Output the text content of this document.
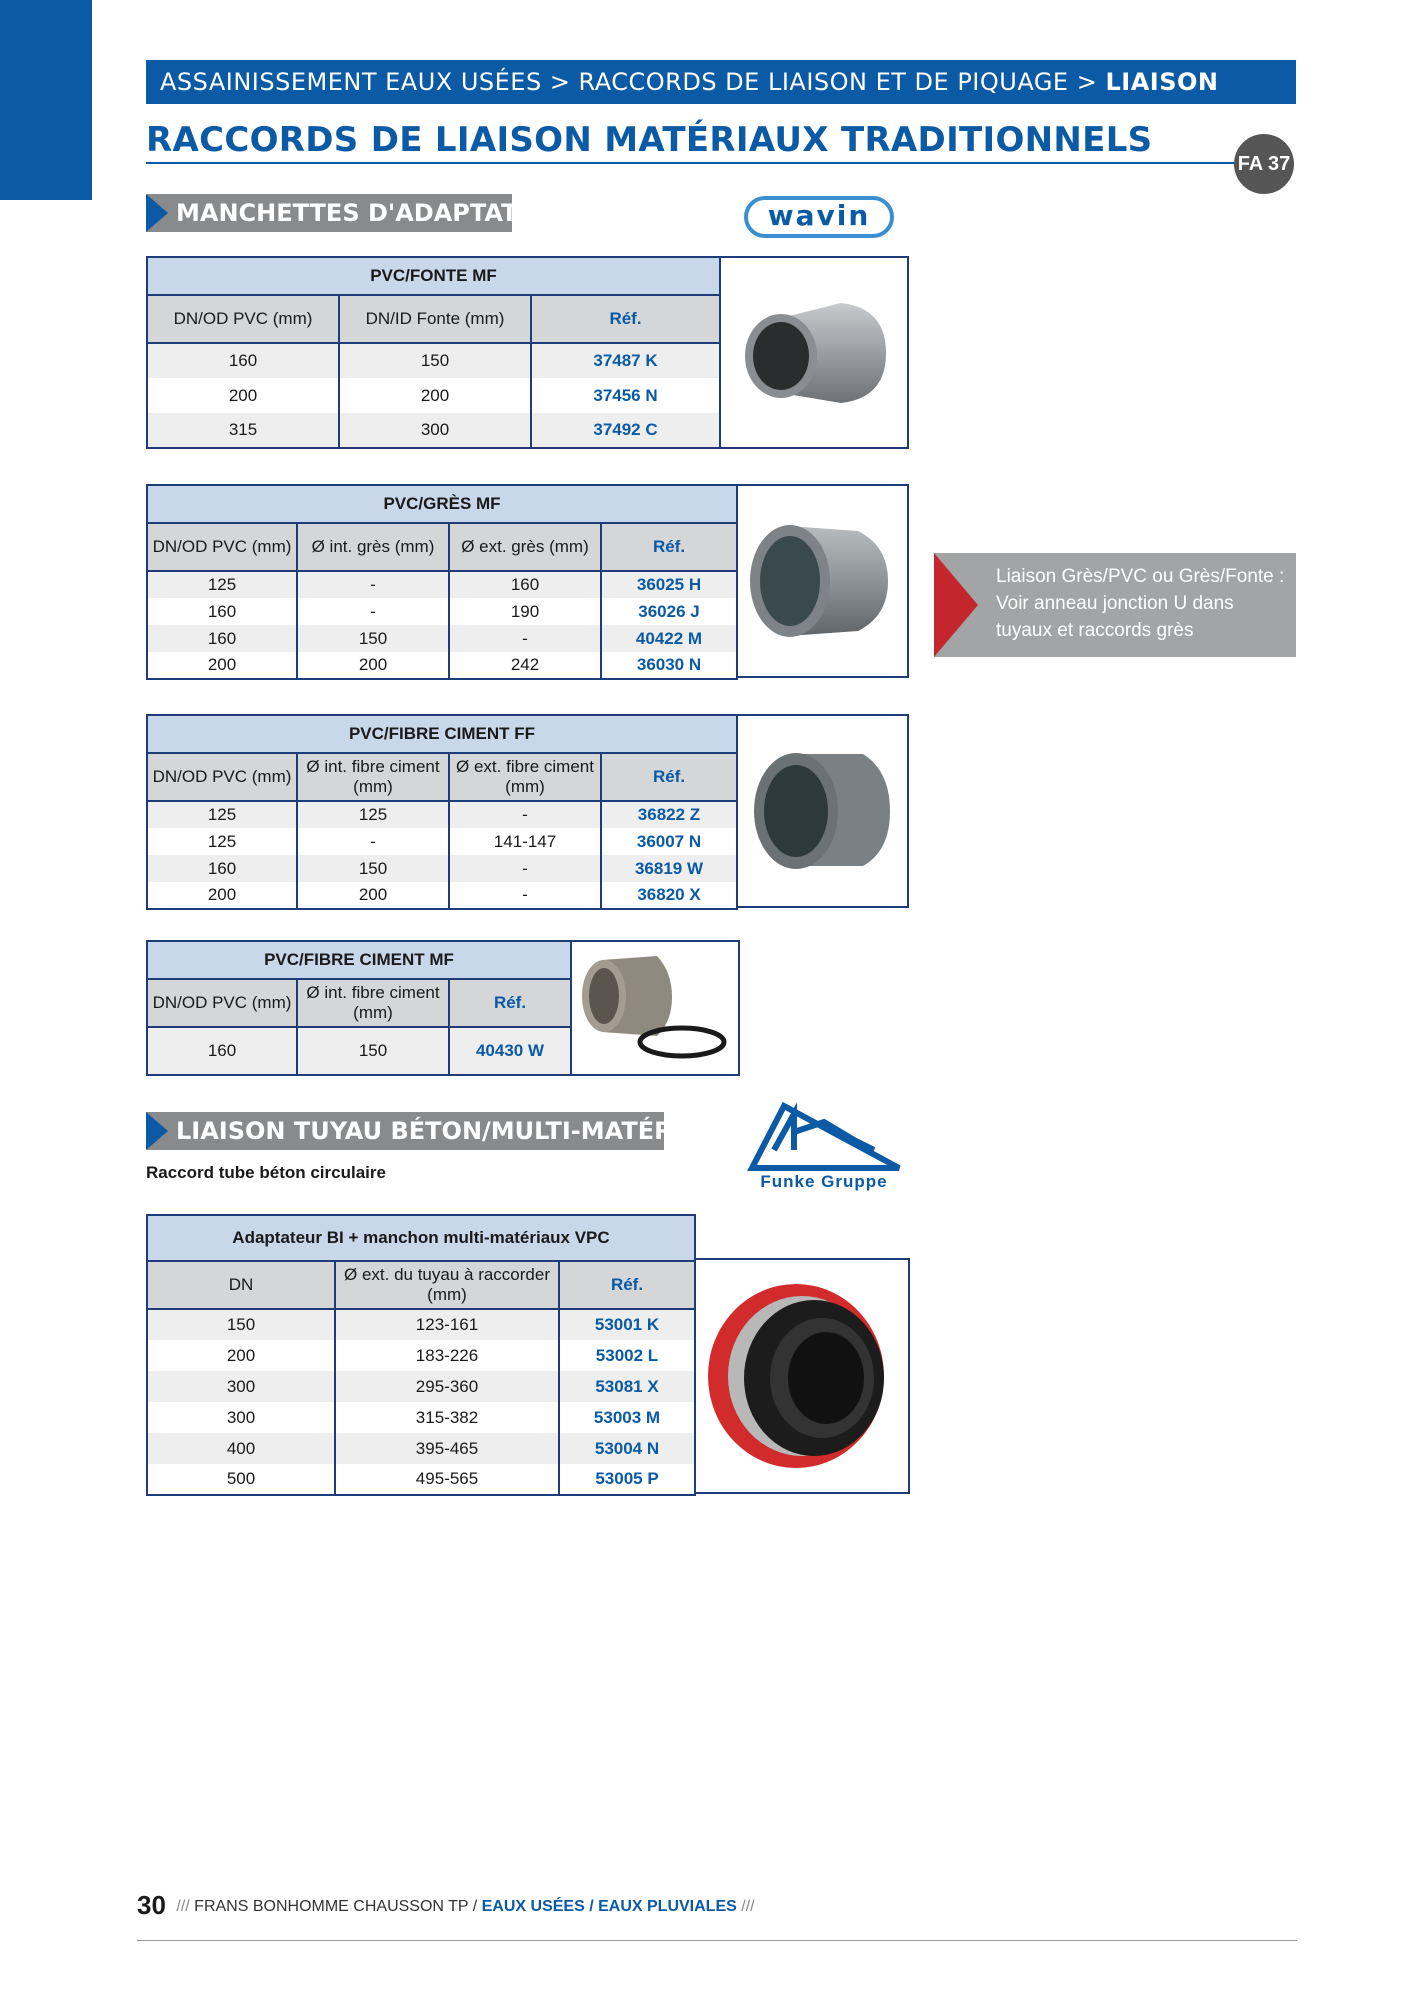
ASSAINISSEMENT EAUX USÉES > RACCORDS DE LIAISON ET DE PIQUAGE > LIAISON
RACCORDS DE LIAISON MATÉRIAUX TRADITIONNELS
FA 37
MANCHETTES D'ADAPTATION	wavin
PVC/FONTE MF		
DN/OD PVC (mm)	DN/ID Fonte (mm)	Réf.
160	150	37487 K
200	200	37456 N
315	300	37492 C
PVC/GRÈS MF			
DN/OD PVC (mm)	Ø int. grès (mm)	Ø ext. grès (mm)	Réf.
125	-	160	36025 H
160	-	190	36026 J
160	150	-	40422 M
200	200	242	36030 N
Liaison Grès/PVC ou Grès/Fonte : Voir anneau jonction U dans tuyaux et raccords grès
PVC/FIBRE CIMENT FF			
DN/OD PVC (mm)	Ø int. fibre ciment (mm)	Ø ext. fibre ciment (mm)	Réf.
125	125	-	36822 Z
125	-	141-147	36007 N
160	150	-	36819 W
200	200	-	36820 X
PVC/FIBRE CIMENT MF		
DN/OD PVC (mm)	Ø int. fibre ciment (mm)	Réf.
160	150	40430 W
LIAISON TUYAU BÉTON/MULTI-MATÉRIAUX
Funke Gruppe
Raccord tube béton circulaire
Adaptateur BI + manchon multi-matériaux VPC		
DN	Ø ext. du tuyau à raccorder (mm)	Réf.
150	123-161	53001 K
200	183-226	53002 L
300	295-360	53081 X
300	315-382	53003 M
400	395-465	53004 N
500	495-565	53005 P
30 /// FRANS BONHOMME CHAUSSON TP / EAUX USÉES / EAUX PLUVIALES ///
